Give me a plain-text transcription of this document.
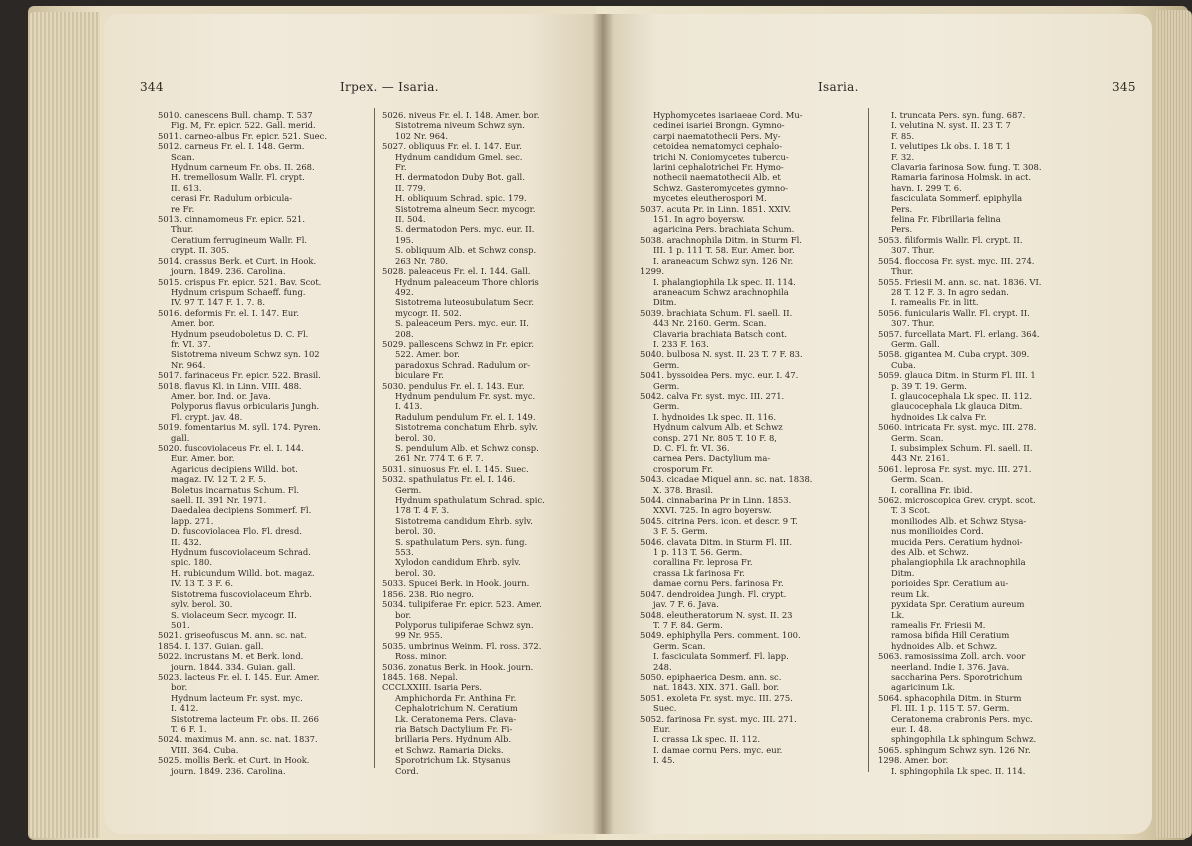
344	Irpex. — Isaria.
5010. canescens Bull. champ. T. 537
Fig. M, Fr. epicr. 522. Gall. merid.
5011. carneo-albus Fr. epicr. 521. Suec.
5012. carneus Fr. el. I. 148. Germ.
Scan.
Hydnum carneum Fr. obs. II. 268.
H. tremellosum Wallr. Fl. crypt.
II. 613.
cerasi Fr. Radulum orbicula-
re Fr.
5013. cinnamomeus Fr. epicr. 521.
Thur.
Ceratium ferrugineum Wallr. Fl.
crypt. II. 305.
5014. crassus Berk. et Curt. in Hook.
journ. 1849. 236. Carolina.
5015. crispus Fr. epicr. 521. Bav. Scot.
Hydnum crispum Schaeff. fung.
IV. 97 T. 147 F. 1. 7. 8.
5016. deformis Fr. el. I. 147. Eur.
Amer. bor.
Hydnum pseudoboletus D. C. Fl.
fr. VI. 37.
Sistotrema niveum Schwz syn. 102
Nr. 964.
5017. farinaceus Fr. epicr. 522. Brasil.
5018. flavus Kl. in Linn. VIII. 488.
Amer. bor. Ind. or. Java.
Polyporus flavus orbicularis Jungh.
Fl. crypt. jav. 48.
5019. fomentarius M. syll. 174. Pyren.
gall.
5020. fuscoviolaceus Fr. el. I. 144.
Eur. Amer. bor.
Agaricus decipiens Willd. bot.
magaz. IV. 12 T. 2 F. 5.
Boletus incarnatus Schum. Fl.
saell. II. 391 Nr. 1971.
Daedalea decipiens Sommerf. Fl.
lapp. 271.
D. fuscoviolacea Flo. Fl. dresd.
II. 432.
Hydnum fuscoviolaceum Schrad.
spic. 180.
H. rubicundum Willd. bot. magaz.
IV. 13 T. 3 F. 6.
Sistotrema fuscoviolaceum Ehrb.
sylv. berol. 30.
S. violaceum Secr. mycogr. II.
501.
5021. griseofuscus M. ann. sc. nat.
1854. I. 137. Guian. gall.
5022. incrustans M. et Berk. lond.
journ. 1844. 334. Guian. gall.
5023. lacteus Fr. el. I. 145. Eur. Amer.
bor.
Hydnum lacteum Fr. syst. myc.
I. 412.
Sistotrema lacteum Fr. obs. II. 266
T. 6 F. 1.
5024. maximus M. ann. sc. nat. 1837.
VIII. 364. Cuba.
5025. mollis Berk. et Curt. in Hook.
journ. 1849. 236. Carolina.
5026. niveus Fr. el. I. 148. Amer. bor.
Sistotrema niveum Schwz syn.
102 Nr. 964.
5027. obliquus Fr. el. I. 147. Eur.
Hydnum candidum Gmel. sec.
Fr.
H. dermatodon Duby Bot. gall.
II. 779.
H. obliquum Schrad. spic. 179.
Sistotrema alneum Secr. mycogr.
II. 504.
S. dermatodon Pers. myc. eur. II.
195.
S. obliquum Alb. et Schwz consp.
263 Nr. 780.
5028. paleaceus Fr. el. I. 144. Gall.
Hydnum paleaceum Thore chloris
492.
Sistotrema luteosubulatum Secr.
mycogr. II. 502.
S. paleaceum Pers. myc. eur. II.
208.
5029. pallescens Schwz in Fr. epicr.
522. Amer. bor.
paradoxus Schrad. Radulum or-
biculare Fr.
5030. pendulus Fr. el. I. 143. Eur.
Hydnum pendulum Fr. syst. myc.
I. 413.
Radulum pendulum Fr. el. I. 149.
Sistotrema conchatum Ehrb. sylv.
berol. 30.
S. pendulum Alb. et Schwz consp.
261 Nr. 774 T. 6 F. 7.
5031. sinuosus Fr. el. I. 145. Suec.
5032. spathulatus Fr. el. I. 146.
Germ.
Hydnum spathulatum Schrad. spic.
178 T. 4 F. 3.
Sistotrema candidum Ehrb. sylv.
berol. 30.
S. spathulatum Pers. syn. fung.
553.
Xylodon candidum Ehrb. sylv.
berol. 30.
5033. Spucei Berk. in Hook. journ.
1856. 238. Rio negro.
5034. tulipiferae Fr. epicr. 523. Amer.
bor.
Polyporus tulipiferae Schwz syn.
99 Nr. 955.
5035. umbrinus Weinm. Fl. ross. 372.
Ross. minor.
5036. zonatus Berk. in Hook. journ.
1845. 168. Nepal.
CCCLXXIII. Isaria Pers.
Amphichorda Fr. Anthina Fr.
Cephalotrichum N. Ceratium
Lk. Ceratonema Pers. Clava-
ria Batsch Dactylium Fr. Fi-
brillaria Pers. Hydnum Alb.
et Schwz. Ramaria Dicks.
Sporotrichum Lk. Stysanus
Cord.
Isaria.	345
Hyphomycetes isariaeae Cord. Mu-
cedinei isariei Brongn. Gymno-
carpi naematothecii Pers. My-
cetoidea nematomyci cephalo-
trichi N. Coniomycetes tubercu-
larini cephalotrichei Fr. Hymo-
nothecii naematothecii Alb. et
Schwz. Gasteromycetes gymno-
mycetes eleutherospori M.
5037. acuta Pr. in Linn. 1851. XXIV.
151. In agro boyersw.
agaricina Pers. brachiata Schum.
5038. arachnophila Ditm. in Sturm Fl.
III. 1 p. 111 T. 58. Eur. Amer. bor.
I. araneacum Schwz syn. 126 Nr.
1299.
I. phalangiophila Lk spec. II. 114.
araneacum Schwz arachnophila
Ditm.
5039. brachiata Schum. Fl. saell. II.
443 Nr. 2160. Germ. Scan.
Clavaria brachiata Batsch cont.
I. 233 F. 163.
5040. bulbosa N. syst. II. 23 T. 7 F. 83.
Germ.
5041. byssoidea Pers. myc. eur. I. 47.
Germ.
5042. calva Fr. syst. myc. III. 271.
Germ.
I. hydnoides Lk spec. II. 116.
Hydnum calvum Alb. et Schwz
consp. 271 Nr. 805 T. 10 F. 8,
D. C. Fl. fr. VI. 36.
carnea Pers. Dactylium ma-
crosporum Fr.
5043. cicadae Miquel ann. sc. nat. 1838.
X. 378. Brasil.
5044. cinnabarina Pr in Linn. 1853.
XXVI. 725. In agro boyersw.
5045. citrina Pers. icon. et descr. 9 T.
3 F. 5. Germ.
5046. clavata Ditm. in Sturm Fl. III.
1 p. 113 T. 56. Germ.
corallina Fr. leprosa Fr.
crassa Lk farinosa Fr.
damae cornu Pers. farinosa Fr.
5047. dendroidea Jungh. Fl. crypt.
jav. 7 F. 6. Java.
5048. eleutheratorum N. syst. II. 23
T. 7 F. 84. Germ.
5049. ephiphylla Pers. comment. 100.
Germ. Scan.
I. fasciculata Sommerf. Fl. lapp.
248.
5050. epiphaerica Desm. ann. sc.
nat. 1843. XIX. 371. Gall. bor.
5051. exoleta Fr. syst. myc. III. 275.
Suec.
5052. farinosa Fr. syst. myc. III. 271.
Eur.
I. crassa Lk spec. II. 112.
I. damae cornu Pers. myc. eur.
I. 45.
I. truncata Pers. syn. fung. 687.
I. velutina N. syst. II. 23 T. 7
F. 85.
I. velutipes Lk obs. I. 18 T. 1
F. 32.
Clavaria farinosa Sow. fung. T. 308.
Ramaria farinosa Holmsk. in act.
havn. I. 299 T. 6.
fasciculata Sommerf. epiphylla
Pers.
felina Fr. Fibrillaria felina
Pers.
5053. filiformis Wallr. Fl. crypt. II.
307. Thur.
5054. floccosa Fr. syst. myc. III. 274.
Thur.
5055. Friesii M. ann. sc. nat. 1836. VI.
28 T. 12 F. 3. In agro sedan.
I. ramealis Fr. in litt.
5056. funicularis Wallr. Fl. crypt. II.
307. Thur.
5057. furcellata Mart. Fl. erlang. 364.
Germ. Gall.
5058. gigantea M. Cuba crypt. 309.
Cuba.
5059. glauca Ditm. in Sturm Fl. III. 1
p. 39 T. 19. Germ.
I. glaucocephala Lk spec. II. 112.
glaucocephala Lk glauca Ditm.
hydnoides Lk calva Fr.
5060. intricata Fr. syst. myc. III. 278.
Germ. Scan.
I. subsimplex Schum. Fl. saell. II.
443 Nr. 2161.
5061. leprosa Fr. syst. myc. III. 271.
Germ. Scan.
I. corallina Fr. ibid.
5062. microscopica Grev. crypt. scot.
T. 3 Scot.
moniliodes Alb. et Schwz Stysa-
nus monilioides Cord.
mucida Pers. Ceratium hydnoi-
des Alb. et Schwz.
phalangiophila Lk arachnophila
Ditm.
porioides Spr. Ceratium au-
reum Lk.
pyxidata Spr. Ceratium aureum
Lk.
ramealis Fr. Friesii M.
ramosa bifida Hill Ceratium
hydnoides Alb. et Schwz.
5063. ramosissima Zoll. arch. voor
neerland. Indie I. 376. Java.
saccharina Pers. Sporotrichum
agaricinum Lk.
5064. sphacophila Ditm. in Sturm
Fl. III. 1 p. 115 T. 57. Germ.
Ceratonema crabronis Pers. myc.
eur. I. 48.
sphingophila Lk sphingum Schwz.
5065. sphingum Schwz syn. 126 Nr.
1298. Amer. bor.
I. sphingophila Lk spec. II. 114.
